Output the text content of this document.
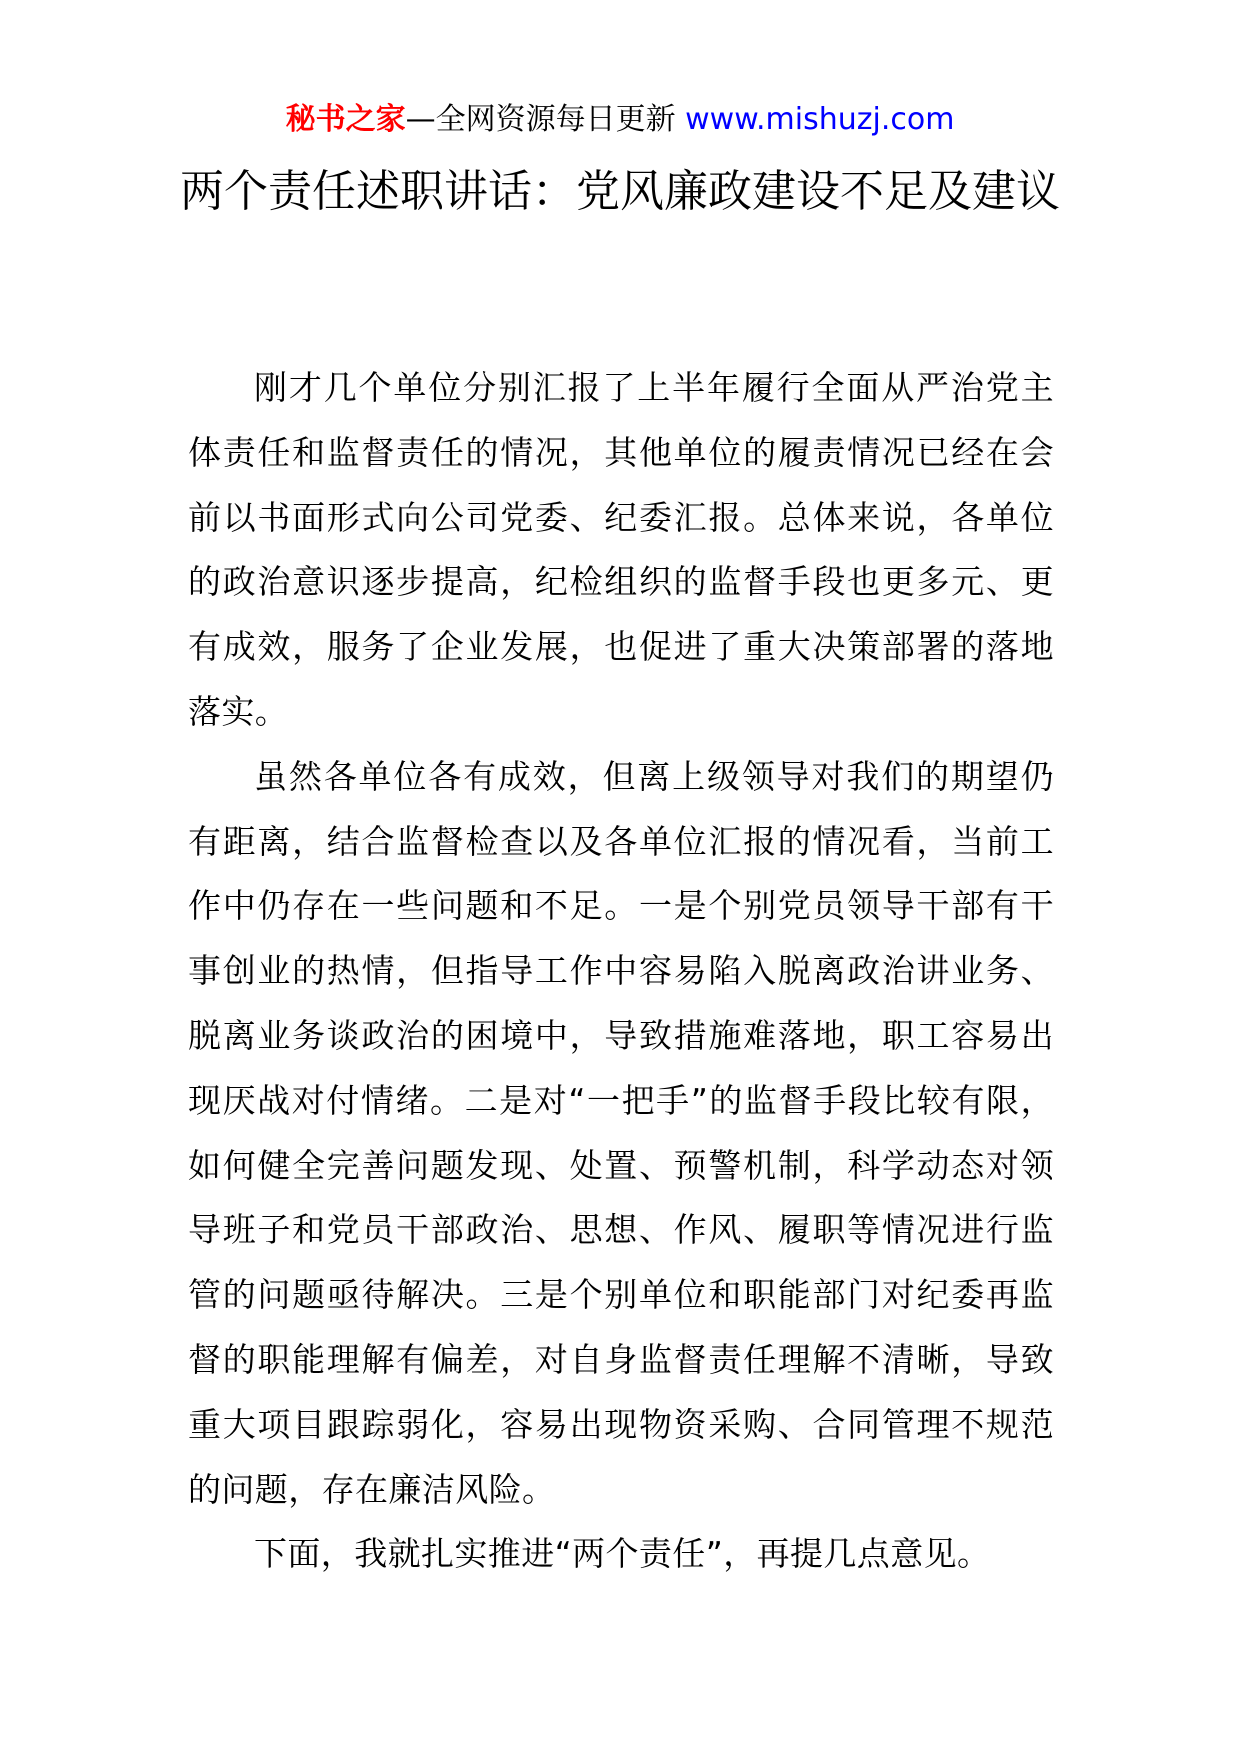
秘书之家—全网资源每日更新 www.mishuzj.com
两个责任述职讲话：党风廉政建设不足及建议

刚才几个单位分别汇报了上半年履行全面从严治党主体责任和监督责任的情况，其他单位的履责情况已经在会前以书面形式向公司党委、纪委汇报。总体来说，各单位的政治意识逐步提高，纪检组织的监督手段也更多元、更有成效，服务了企业发展，也促进了重大决策部署的落地落实。

虽然各单位各有成效，但离上级领导对我们的期望仍有距离，结合监督检查以及各单位汇报的情况看，当前工作中仍存在一些问题和不足。一是个别党员领导干部有干事创业的热情，但指导工作中容易陷入脱离政治讲业务、脱离业务谈政治的困境中，导致措施难落地，职工容易出现厌战对付情绪。二是对“一把手”的监督手段比较有限，如何健全完善问题发现、处置、预警机制，科学动态对领导班子和党员干部政治、思想、作风、履职等情况进行监管的问题亟待解决。三是个别单位和职能部门对纪委再监督的职能理解有偏差，对自身监督责任理解不清晰，导致重大项目跟踪弱化，容易出现物资采购、合同管理不规范的问题，存在廉洁风险。

下面，我就扎实推进“两个责任”，再提几点意见。
